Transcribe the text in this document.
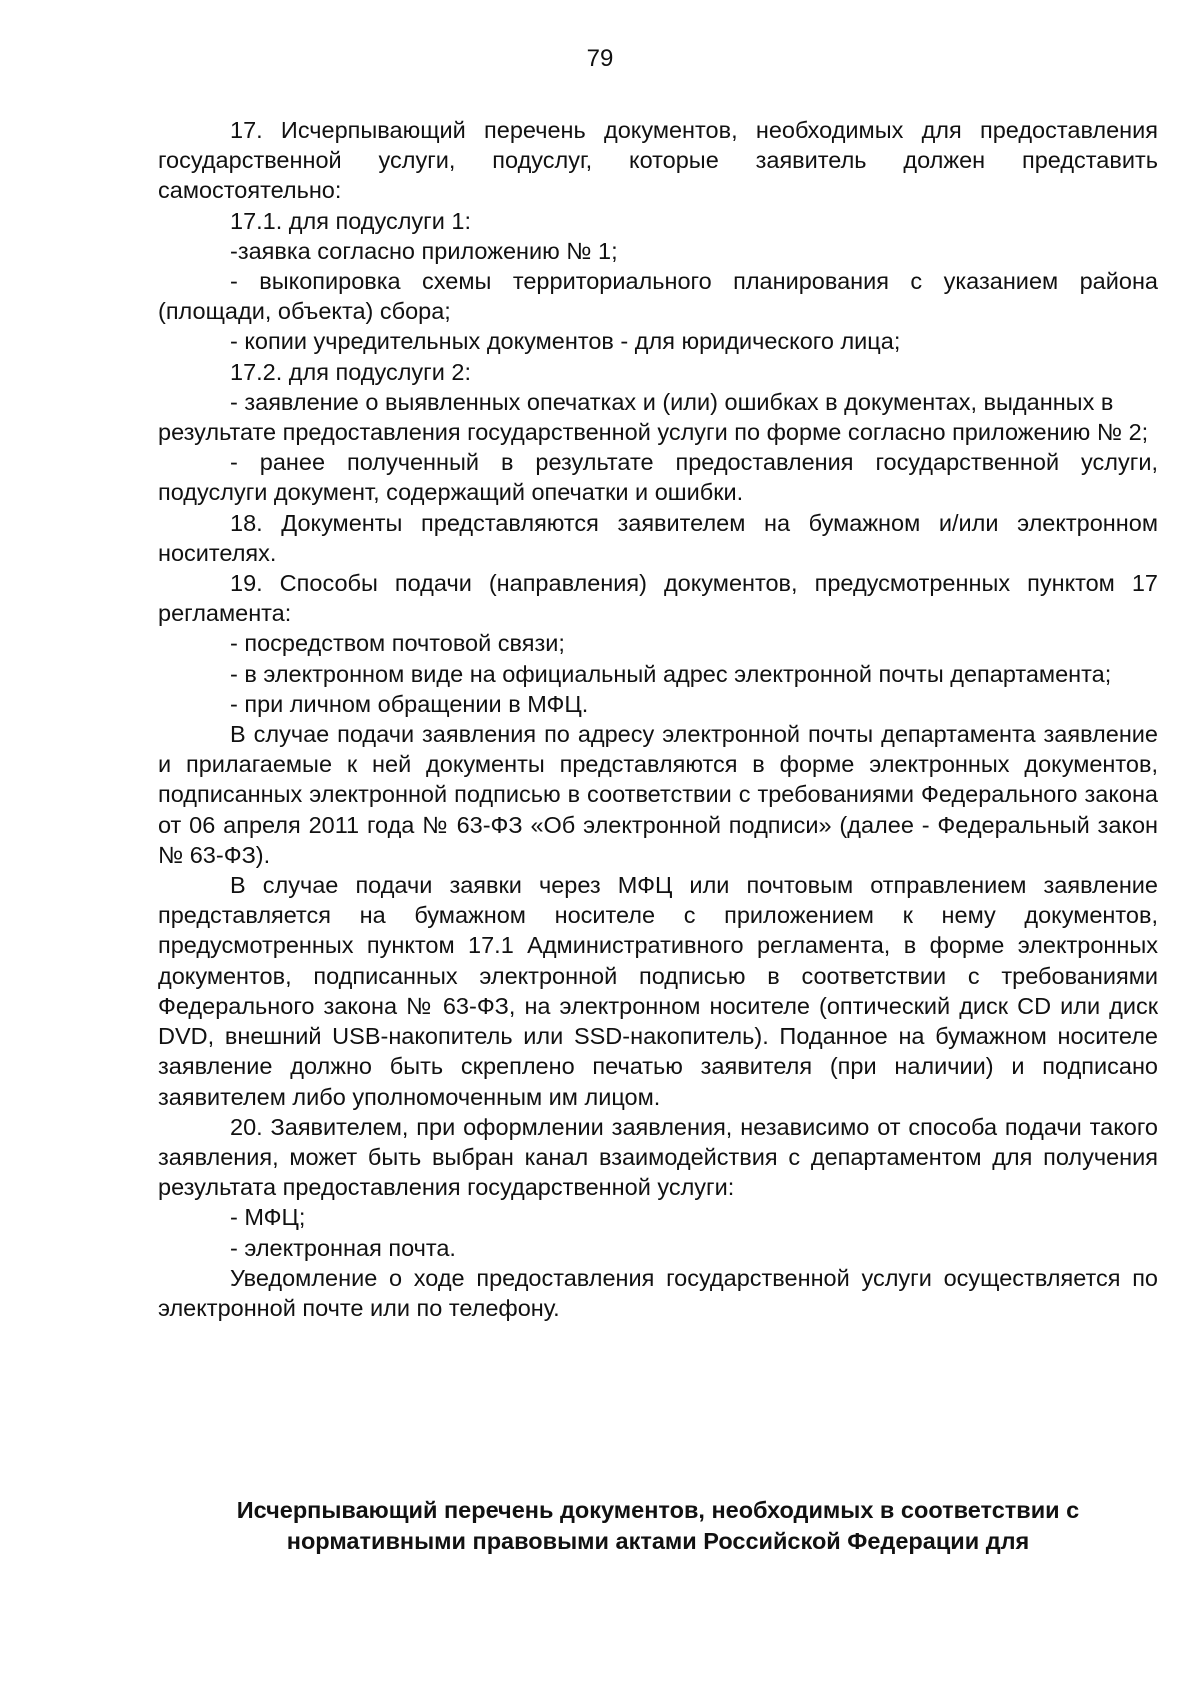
79

17. Исчерпывающий перечень документов, необходимых для предоставления государственной услуги, подуслуг, которые заявитель должен представить самостоятельно:

17.1. для подуслуги 1:

-заявка согласно приложению № 1;

- выкопировка схемы территориального планирования с указанием района (площади, объекта) сбора;

- копии учредительных документов - для юридического лица;

17.2. для подуслуги 2:

- заявление о выявленных опечатках и (или) ошибках в документах, выданных в результате предоставления государственной услуги по форме согласно приложению № 2;

- ранее полученный в результате предоставления государственной услуги, подуслуги документ, содержащий опечатки и ошибки.

18. Документы представляются заявителем на бумажном и/или электронном носителях.

19. Способы подачи (направления) документов, предусмотренных пунктом 17 регламента:

- посредством почтовой связи;

- в электронном виде на официальный адрес электронной почты департамента;

- при личном обращении в МФЦ.

В случае подачи заявления по адресу электронной почты департамента заявление и прилагаемые к ней документы представляются в форме электронных документов, подписанных электронной подписью в соответствии с требованиями Федерального закона от 06 апреля 2011 года № 63-ФЗ «Об электронной подписи» (далее - Федеральный закон № 63-ФЗ).

В случае подачи заявки через МФЦ или почтовым отправлением заявление представляется на бумажном носителе с приложением к нему документов, предусмотренных пунктом 17.1 Административного регламента, в форме электронных документов, подписанных электронной подписью в соответствии с требованиями Федерального закона № 63-ФЗ, на электронном носителе (оптический диск CD или диск DVD, внешний USB-накопитель или SSD-накопитель). Поданное на бумажном носителе заявление должно быть скреплено печатью заявителя (при наличии) и подписано заявителем либо уполномоченным им лицом.

20. Заявителем, при оформлении заявления, независимо от способа подачи такого заявления, может быть выбран канал взаимодействия с департаментом для получения результата предоставления государственной услуги:

- МФЦ;

- электронная почта.

Уведомление о ходе предоставления государственной услуги осуществляется по электронной почте или по телефону.

Исчерпывающий перечень документов, необходимых в соответствии с
нормативными правовыми актами Российской Федерации для
